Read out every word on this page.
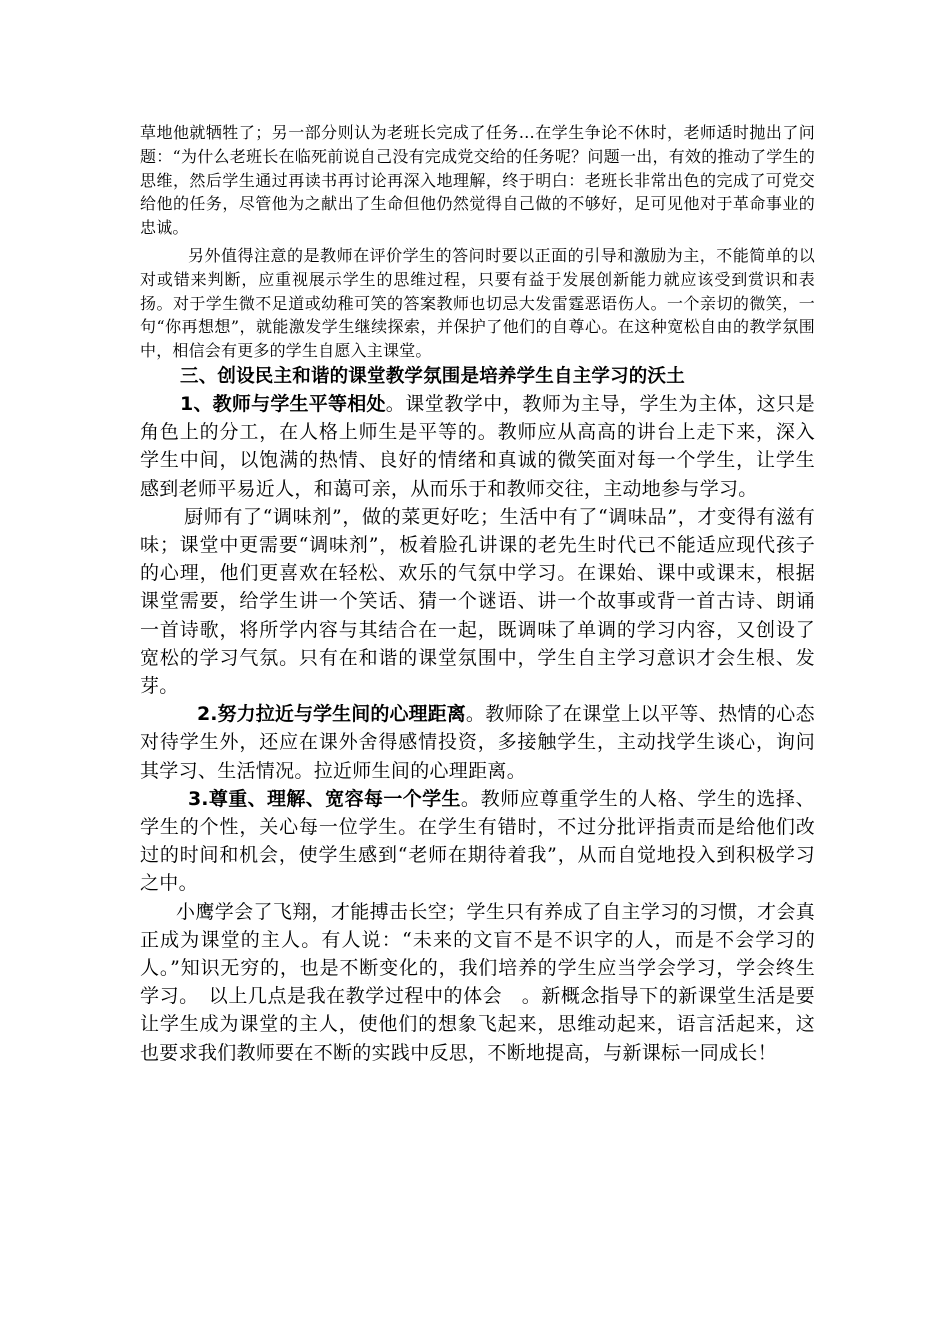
草地他就牺牲了；另一部分则认为老班长完成了任务…在学生争论不休时，老师适时抛出了问题：“为什么老班长在临死前说自己没有完成党交给的任务呢？问题一出，有效的推动了学生的思维，然后学生通过再读书再讨论再深入地理解，终于明白：老班长非常出色的完成了可党交给他的任务，尽管他为之献出了生命但他仍然觉得自己做的不够好，足可见他对于革命事业的忠诚。

另外值得注意的是教师在评价学生的答问时要以正面的引导和激励为主，不能简单的以对或错来判断，应重视展示学生的思维过程，只要有益于发展创新能力就应该受到赏识和表扬。对于学生微不足道或幼稚可笑的答案教师也切忌大发雷霆恶语伤人。一个亲切的微笑，一句“你再想想”，就能激发学生继续探索，并保护了他们的自尊心。在这种宽松自由的教学氛围中，相信会有更多的学生自愿入主课堂。

三、创设民主和谐的课堂教学氛围是培养学生自主学习的沃土

1、教师与学生平等相处。课堂教学中，教师为主导，学生为主体，这只是角色上的分工，在人格上师生是平等的。教师应从高高的讲台上走下来，深入学生中间，以饱满的热情、良好的情绪和真诚的微笑面对每一个学生，让学生感到老师平易近人，和蔼可亲，从而乐于和教师交往，主动地参与学习。

厨师有了“调味剂”，做的菜更好吃；生活中有了“调味品”，才变得有滋有味；课堂中更需要“调味剂”，板着脸孔讲课的老先生时代已不能适应现代孩子的心理，他们更喜欢在轻松、欢乐的气氛中学习。在课始、课中或课末，根据课堂需要，给学生讲一个笑话、猜一个谜语、讲一个故事或背一首古诗、朗诵一首诗歌，将所学内容与其结合在一起，既调味了单调的学习内容，又创设了宽松的学习气氛。只有在和谐的课堂氛围中，学生自主学习意识才会生根、发芽。

2.努力拉近与学生间的心理距离。教师除了在课堂上以平等、热情的心态对待学生外，还应在课外舍得感情投资，多接触学生，主动找学生谈心，询问其学习、生活情况。拉近师生间的心理距离。

3.尊重、理解、宽容每一个学生。教师应尊重学生的人格、学生的选择、学生的个性，关心每一位学生。在学生有错时，不过分批评指责而是给他们改过的时间和机会，使学生感到“老师在期待着我”，从而自觉地投入到积极学习之中。

小鹰学会了飞翔，才能搏击长空；学生只有养成了自主学习的习惯，才会真正成为课堂的主人。有人说：“未来的文盲不是不识字的人，而是不会学习的人。”知识无穷的，也是不断变化的，我们培养的学生应当学会学习，学会终生学习。　以上几点是我在教学过程中的体会　。新概念指导下的新课堂生活是要让学生成为课堂的主人，使他们的想象飞起来，思维动起来，语言活起来，这也要求我们教师要在不断的实践中反思，不断地提高，与新课标一同成长！
